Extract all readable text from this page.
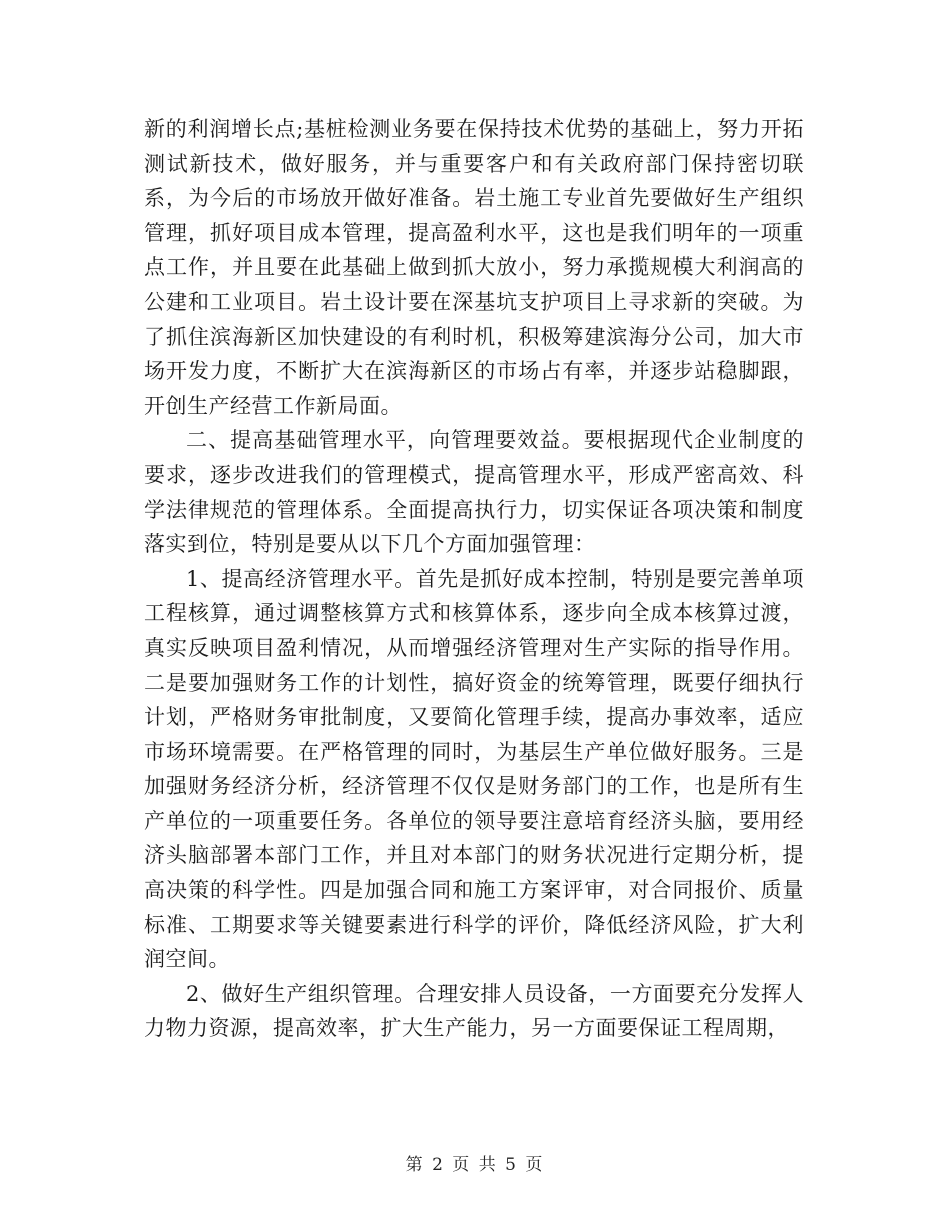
新的利润增长点;基桩检测业务要在保持技术优势的基础上，努力开拓测试新技术，做好服务，并与重要客户和有关政府部门保持密切联系，为今后的市场放开做好准备。岩土施工专业首先要做好生产组织管理，抓好项目成本管理，提高盈利水平，这也是我们明年的一项重点工作，并且要在此基础上做到抓大放小，努力承揽规模大利润高的公建和工业项目。岩土设计要在深基坑支护项目上寻求新的突破。为了抓住滨海新区加快建设的有利时机，积极筹建滨海分公司，加大市场开发力度，不断扩大在滨海新区的市场占有率，并逐步站稳脚跟，开创生产经营工作新局面。

二、提高基础管理水平，向管理要效益。要根据现代企业制度的要求，逐步改进我们的管理模式，提高管理水平，形成严密高效、科学法律规范的管理体系。全面提高执行力，切实保证各项决策和制度落实到位，特别是要从以下几个方面加强管理：

1、提高经济管理水平。首先是抓好成本控制，特别是要完善单项工程核算，通过调整核算方式和核算体系，逐步向全成本核算过渡，真实反映项目盈利情况，从而增强经济管理对生产实际的指导作用。二是要加强财务工作的计划性，搞好资金的统筹管理，既要仔细执行计划，严格财务审批制度，又要简化管理手续，提高办事效率，适应市场环境需要。在严格管理的同时，为基层生产单位做好服务。三是加强财务经济分析，经济管理不仅仅是财务部门的工作，也是所有生产单位的一项重要任务。各单位的领导要注意培育经济头脑，要用经济头脑部署本部门工作，并且对本部门的财务状况进行定期分析，提高决策的科学性。四是加强合同和施工方案评审，对合同报价、质量标准、工期要求等关键要素进行科学的评价，降低经济风险，扩大利润空间。

2、做好生产组织管理。合理安排人员设备，一方面要充分发挥人力物力资源，提高效率，扩大生产能力，另一方面要保证工程周期，

第 2 页 共 5 页
